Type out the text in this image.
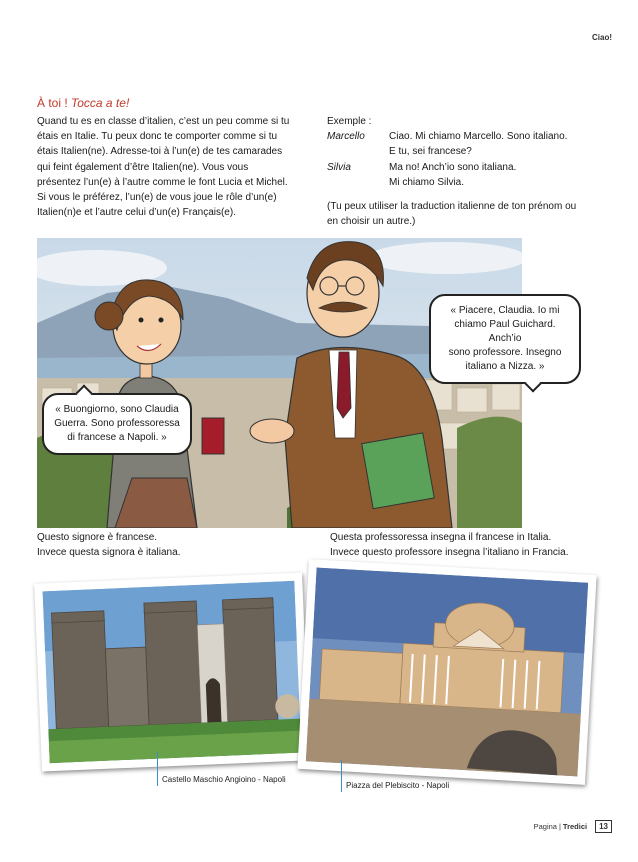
Ciao!
À toi ! Tocca a te!
Quand tu es en classe d’italien, c’est un peu comme si tu
étais en Italie. Tu peux donc te comporter comme si tu
étais Italien(ne). Adresse-toi à l’un(e) de tes camarades
qui feint également d’être Italien(ne). Vous vous
présentez l’un(e) à l’autre comme le font Lucia et Michel.
Si vous le préférez, l’un(e) de vous joue le rôle d’un(e)
Italien(n)e et l’autre celui d’un(e) Français(e).
Exemple :
Marcello	Ciao. Mi chiamo Marcello. Sono italiano.
E tu, sei francese?
Silvia	Ma no! Anch’io sono italiana.
Mi chiamo Silvia.
(Tu peux utiliser la traduction italienne de ton prénom ou
en choisir un autre.)
« Buongiorno, sono Claudia
Guerra. Sono professoressa
di francese a Napoli. »
« Piacere, Claudia. Io mi
chiamo Paul Guichard. Anch’io
sono professore. Insegno
italiano a Nizza. »
Questo signore è francese.
Invece questa signora è italiana.
Questa professoressa insegna il francese in Italia.
Invece questo professore insegna l’italiano in Francia.
Castello Maschio Angioino - Napoli
Piazza del Plebiscito - Napoli
Pagina | Tredici	13
